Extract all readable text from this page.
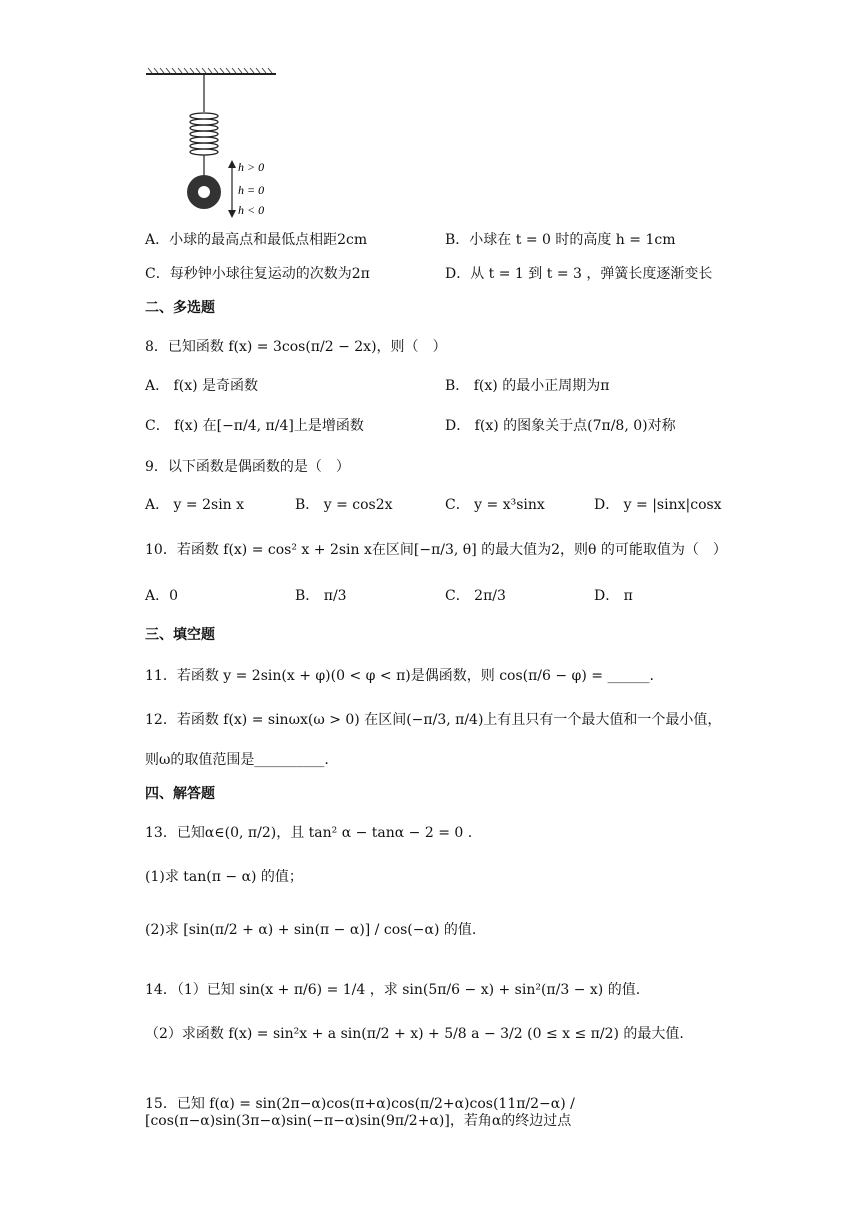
h > 0
h = 0
h < 0
A．小球的最高点和最低点相距2cm	B．小球在 t = 0 时的高度 h = 1cm
C．每秒钟小球往复运动的次数为2π	D．从 t = 1 到 t = 3 ，弹簧长度逐渐变长
二、多选题
8．已知函数 f(x) = 3cos(π/2 − 2x)，则（　）
A． f(x) 是奇函数	B． f(x) 的最小正周期为π
C． f(x) 在[−π/4, π/4]上是增函数	D． f(x) 的图象关于点(7π/8, 0)对称
9．以下函数是偶函数的是（　）
A． y = 2sin x	B． y = cos2x	C． y = x³sinx	D． y = |sinx|cosx
10．若函数 f(x) = cos² x + 2sin x在区间[−π/3, θ] 的最大值为2，则θ 的可能取值为（　）
A．0	B． π/3	C． 2π/3	D． π
三、填空题
11．若函数 y = 2sin(x + φ)(0 < φ < π)是偶函数，则 cos(π/6 − φ) = ______.
12．若函数 f(x) = sinωx(ω > 0) 在区间(−π/3, π/4)上有且只有一个最大值和一个最小值，
则ω的取值范围是__________.
四、解答题
13．已知α∈(0, π/2)，且 tan² α − tanα − 2 = 0 .
(1)求 tan(π − α) 的值；
(2)求 [sin(π/2 + α) + sin(π − α)] / cos(−α) 的值.
14．（1）已知 sin(x + π/6) = 1/4 ，求 sin(5π/6 − x) + sin²(π/3 − x) 的值.
（2）求函数 f(x) = sin²x + a sin(π/2 + x) + 5/8 a − 3/2 (0 ≤ x ≤ π/2) 的最大值.
15．已知 f(α) = sin(2π−α)cos(π+α)cos(π/2+α)cos(11π/2−α) / [cos(π−α)sin(3π−α)sin(−π−α)sin(9π/2+α)]，若角α的终边过点
